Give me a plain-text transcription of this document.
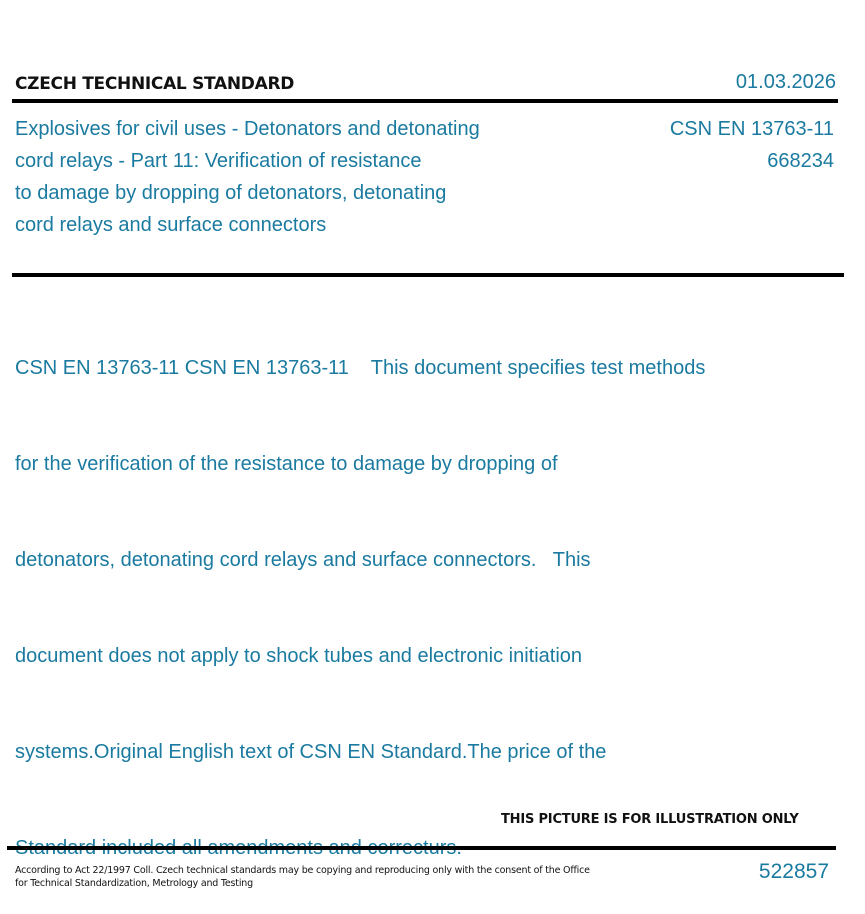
CZECH TECHNICAL STANDARD	01.03.2026
Explosives for civil uses - Detonators and detonating
cord relays - Part 11: Verification of resistance
to damage by dropping of detonators, detonating
cord relays and surface connectors
CSN EN 13763-11
668234

CSN EN 13763-11 CSN EN 13763-11    This document specifies test methods

for the verification of the resistance to damage by dropping of

detonators, detonating cord relays and surface connectors.   This

document does not apply to shock tubes and electronic initiation

systems.Original English text of CSN EN Standard.The price of the

THIS PICTURE IS FOR ILLUSTRATION ONLY
According to Act 22/1997 Coll. Czech technical standards may be copying and reproducing only with the consent of the Office
for Technical Standardization, Metrology and Testing
522857
